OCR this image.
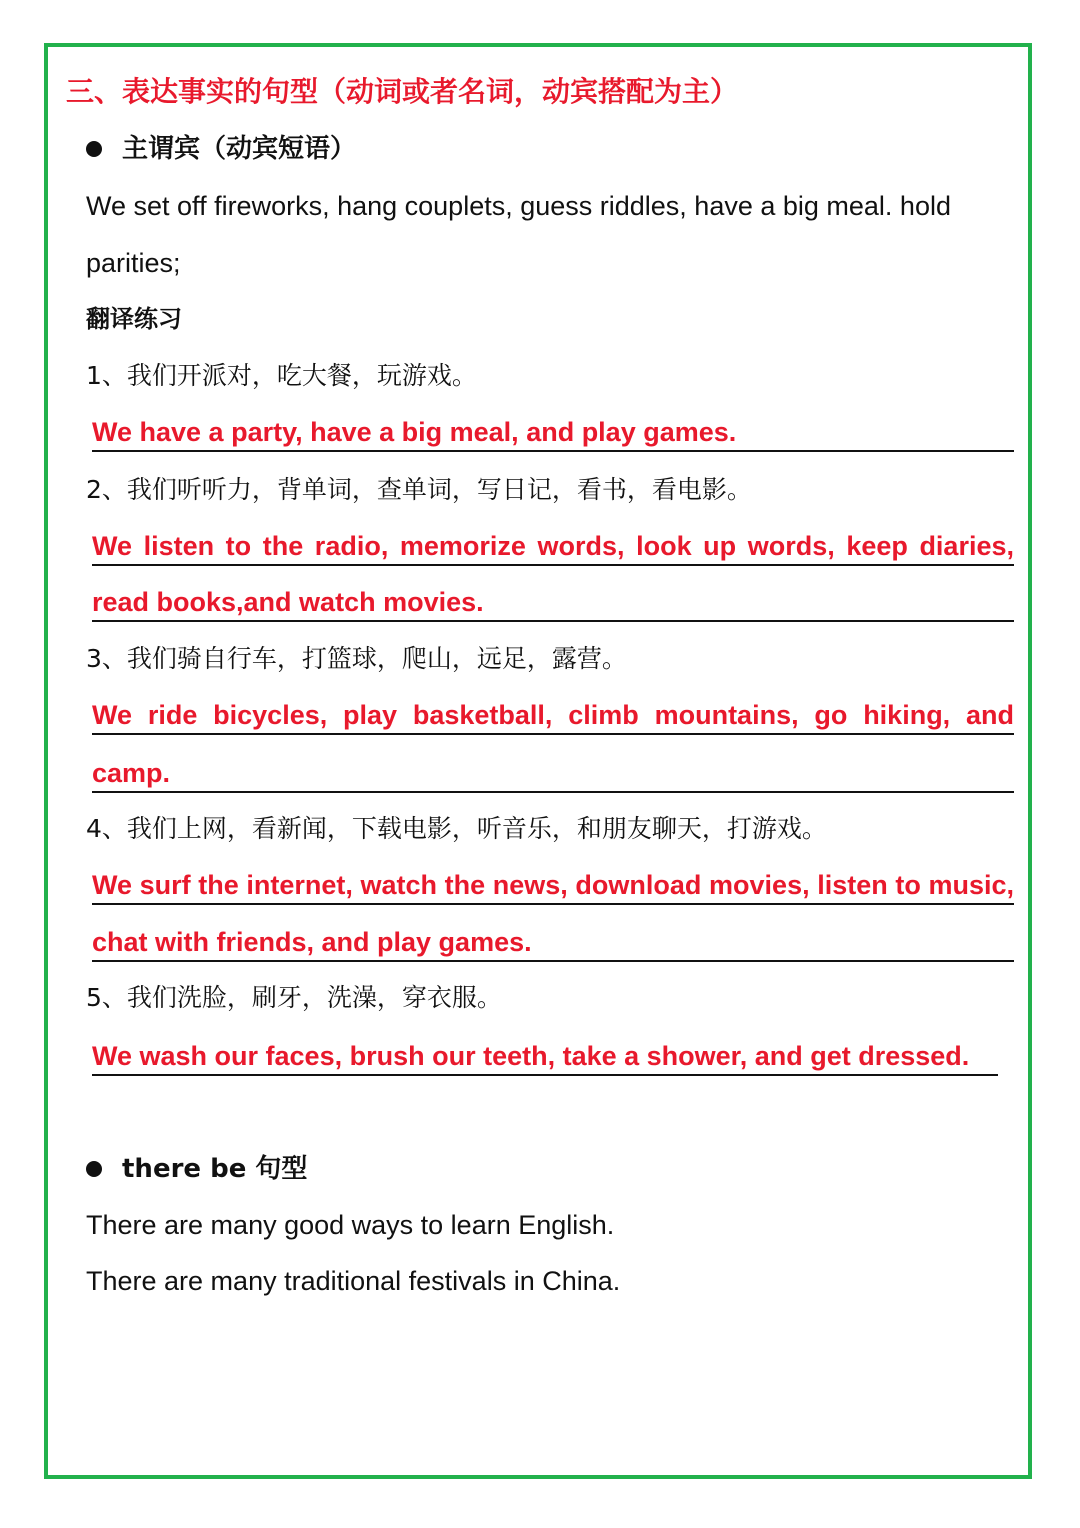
三、表达事实的句型（动词或者名词，动宾搭配为主）
主谓宾（动宾短语）
We set off fireworks, hang couplets, guess riddles, have a big meal. hold
parities;
翻译练习
1、我们开派对，吃大餐，玩游戏。
We have a party, have a big meal, and play games.
2、我们听听力，背单词，查单词，写日记，看书，看电影。
We listen to the radio, memorize words, look up words, keep diaries,
read books,and watch movies.
3、我们骑自行车，打篮球，爬山，远足，露营。
We ride bicycles, play basketball, climb mountains, go hiking, and
camp.
4、我们上网，看新闻，下载电影，听音乐，和朋友聊天，打游戏。
We surf the internet, watch the news, download movies, listen to music,
chat with friends, and play games.
5、我们洗脸，刷牙，洗澡，穿衣服。
We wash our faces, brush our teeth, take a shower, and get dressed.
there be 句型
There are many good ways to learn English.
There are many traditional festivals in China.
